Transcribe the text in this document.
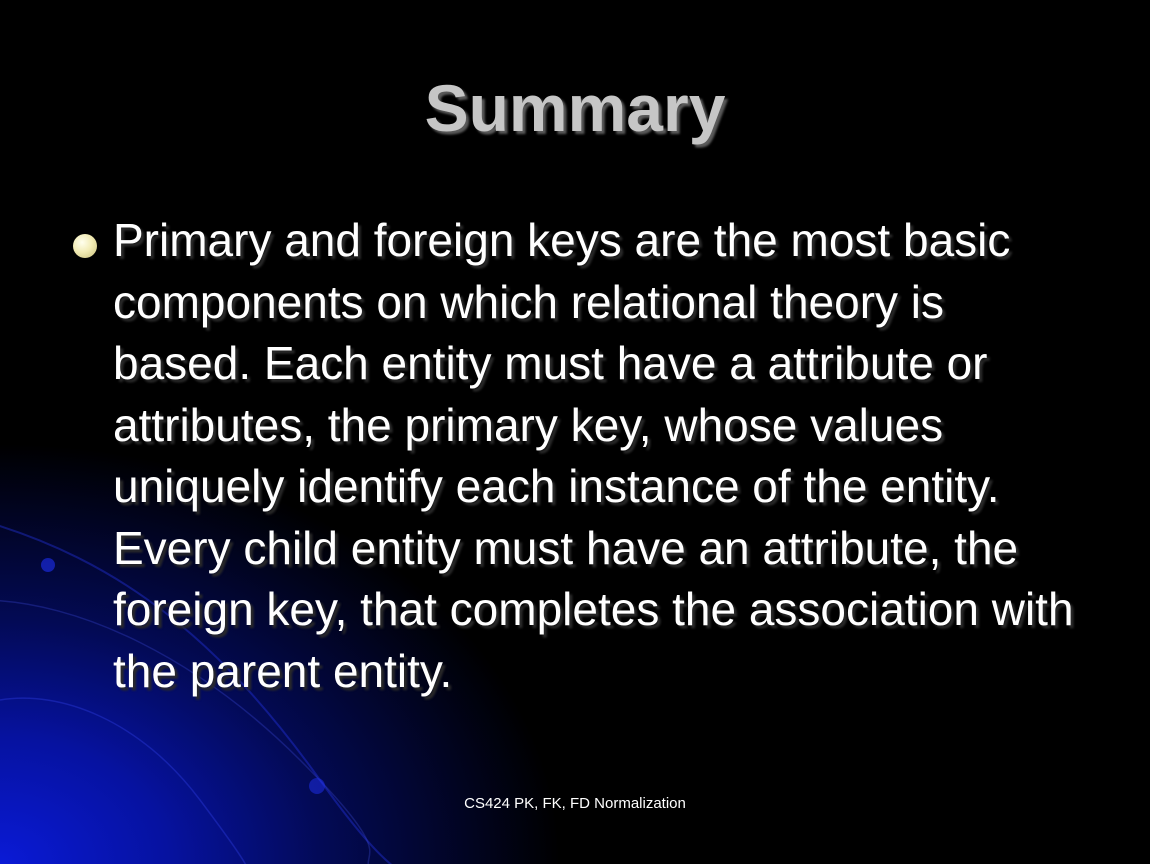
Summary
Primary and foreign keys are the most basic components on which relational theory is based. Each entity must have a attribute or attributes, the primary key, whose values uniquely identify each instance of the entity. Every child entity must have an attribute, the foreign key, that completes the association with the parent entity.
CS424 PK, FK, FD Normalization
